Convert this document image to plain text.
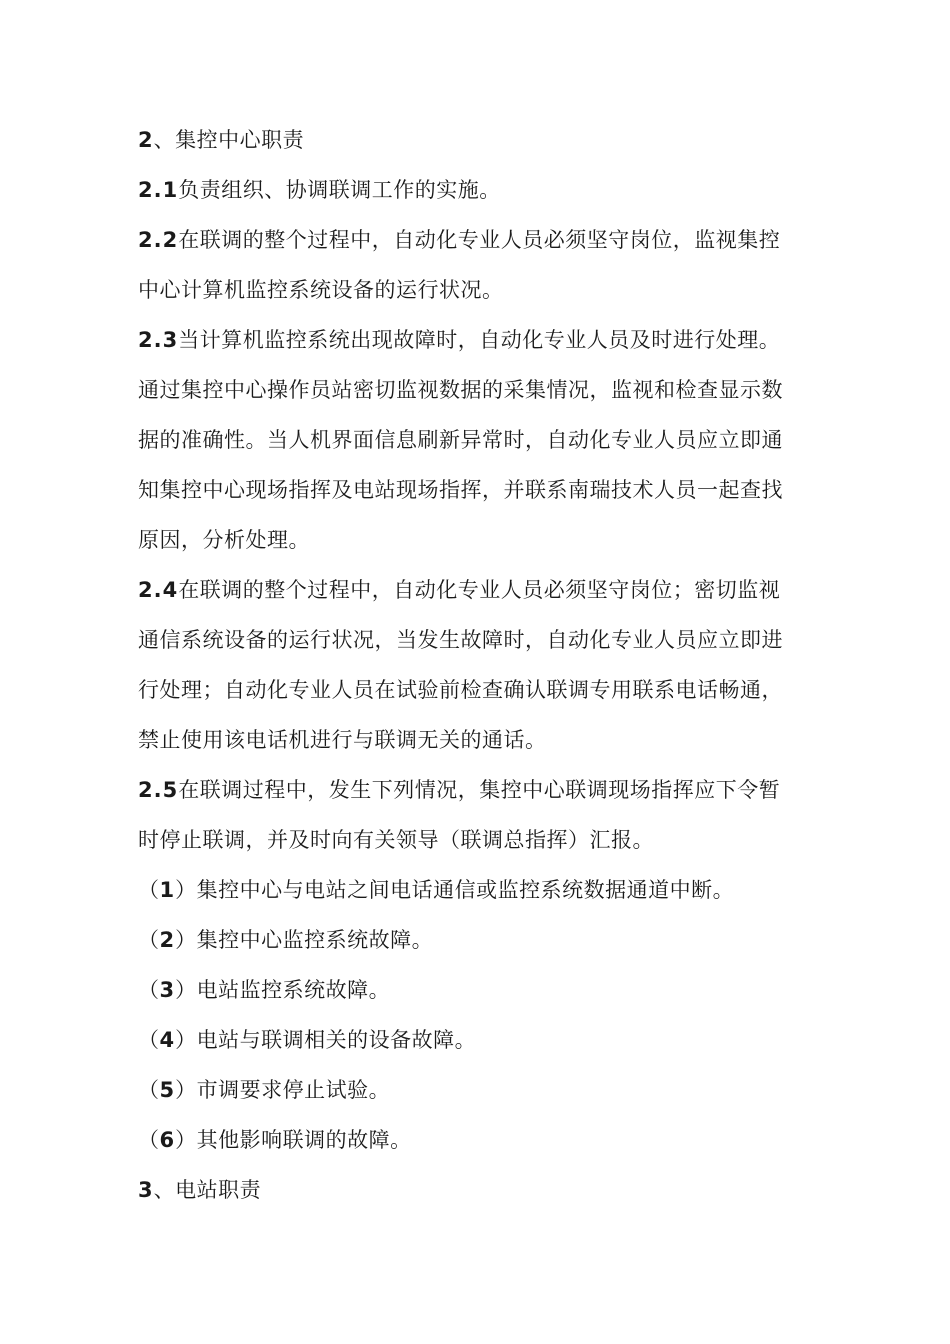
2、集控中心职责
2.1负责组织、协调联调工作的实施。
2.2在联调的整个过程中，自动化专业人员必须坚守岗位，监视集控
中心计算机监控系统设备的运行状况。
2.3当计算机监控系统出现故障时，自动化专业人员及时进行处理。
通过集控中心操作员站密切监视数据的采集情况，监视和检查显示数
据的准确性。当人机界面信息刷新异常时，自动化专业人员应立即通
知集控中心现场指挥及电站现场指挥，并联系南瑞技术人员一起查找
原因，分析处理。
2.4在联调的整个过程中，自动化专业人员必须坚守岗位；密切监视
通信系统设备的运行状况，当发生故障时，自动化专业人员应立即进
行处理；自动化专业人员在试验前检查确认联调专用联系电话畅通，
禁止使用该电话机进行与联调无关的通话。
2.5在联调过程中，发生下列情况，集控中心联调现场指挥应下令暂
时停止联调，并及时向有关领导（联调总指挥）汇报。
（1）集控中心与电站之间电话通信或监控系统数据通道中断。
（2）集控中心监控系统故障。
（3）电站监控系统故障。
（4）电站与联调相关的设备故障。
（5）市调要求停止试验。
（6）其他影响联调的故障。
3、电站职责
